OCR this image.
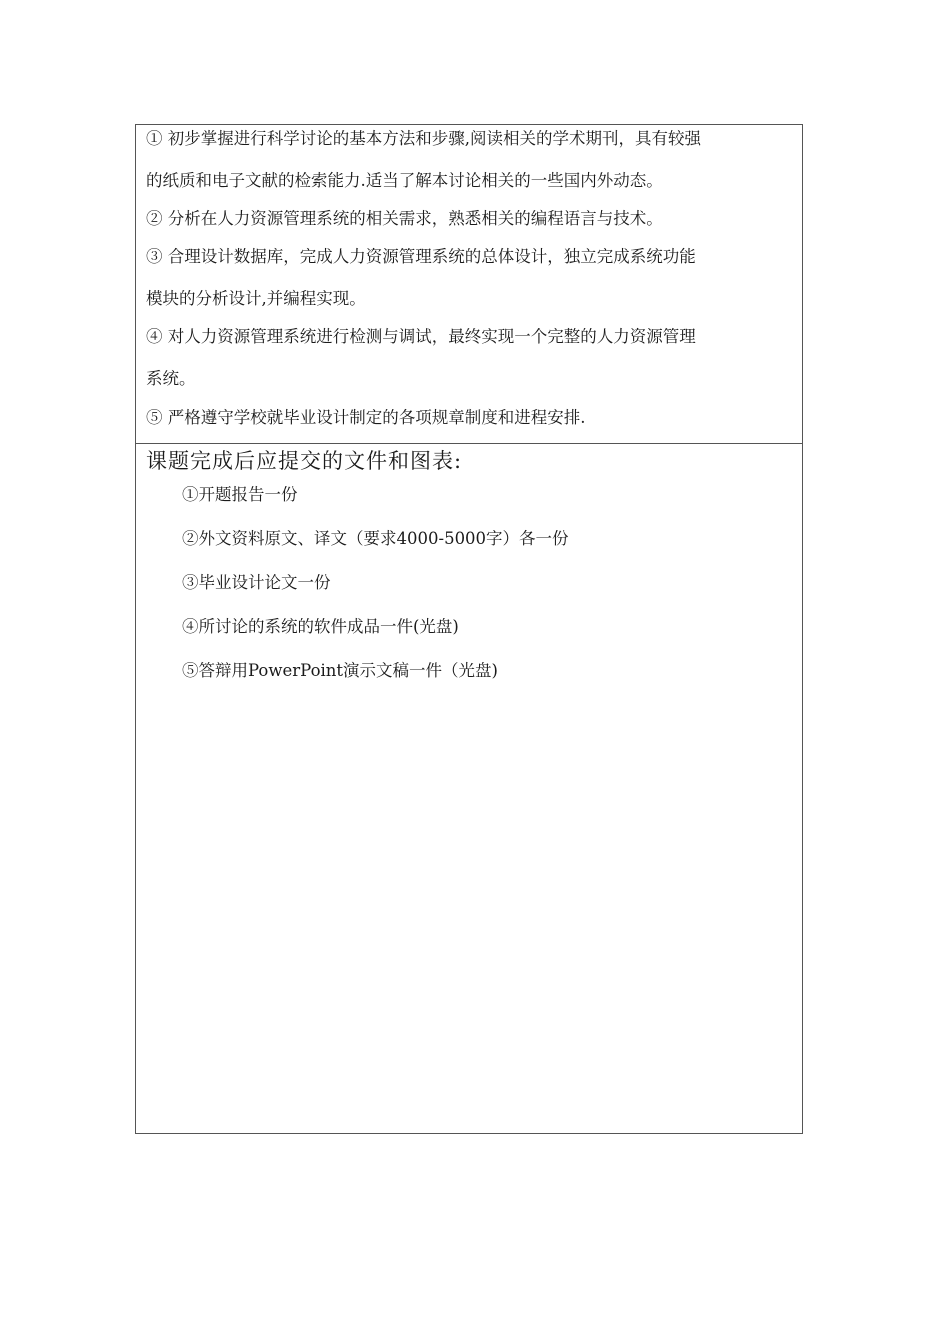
① 初步掌握进行科学讨论的基本方法和步骤,阅读相关的学术期刊，具有较强
的纸质和电子文献的检索能力.适当了解本讨论相关的一些国内外动态。
② 分析在人力资源管理系统的相关需求，熟悉相关的编程语言与技术。
③ 合理设计数据库，完成人力资源管理系统的总体设计，独立完成系统功能
模块的分析设计,并编程实现。
④ 对人力资源管理系统进行检测与调试，最终实现一个完整的人力资源管理
系统。
⑤ 严格遵守学校就毕业设计制定的各项规章制度和进程安排.
课题完成后应提交的文件和图表:
①开题报告一份
②外文资料原文、译文（要求4000-5000字）各一份
③毕业设计论文一份
④所讨论的系统的软件成品一件(光盘)
⑤答辩用PowerPoint演示文稿一件（光盘)
